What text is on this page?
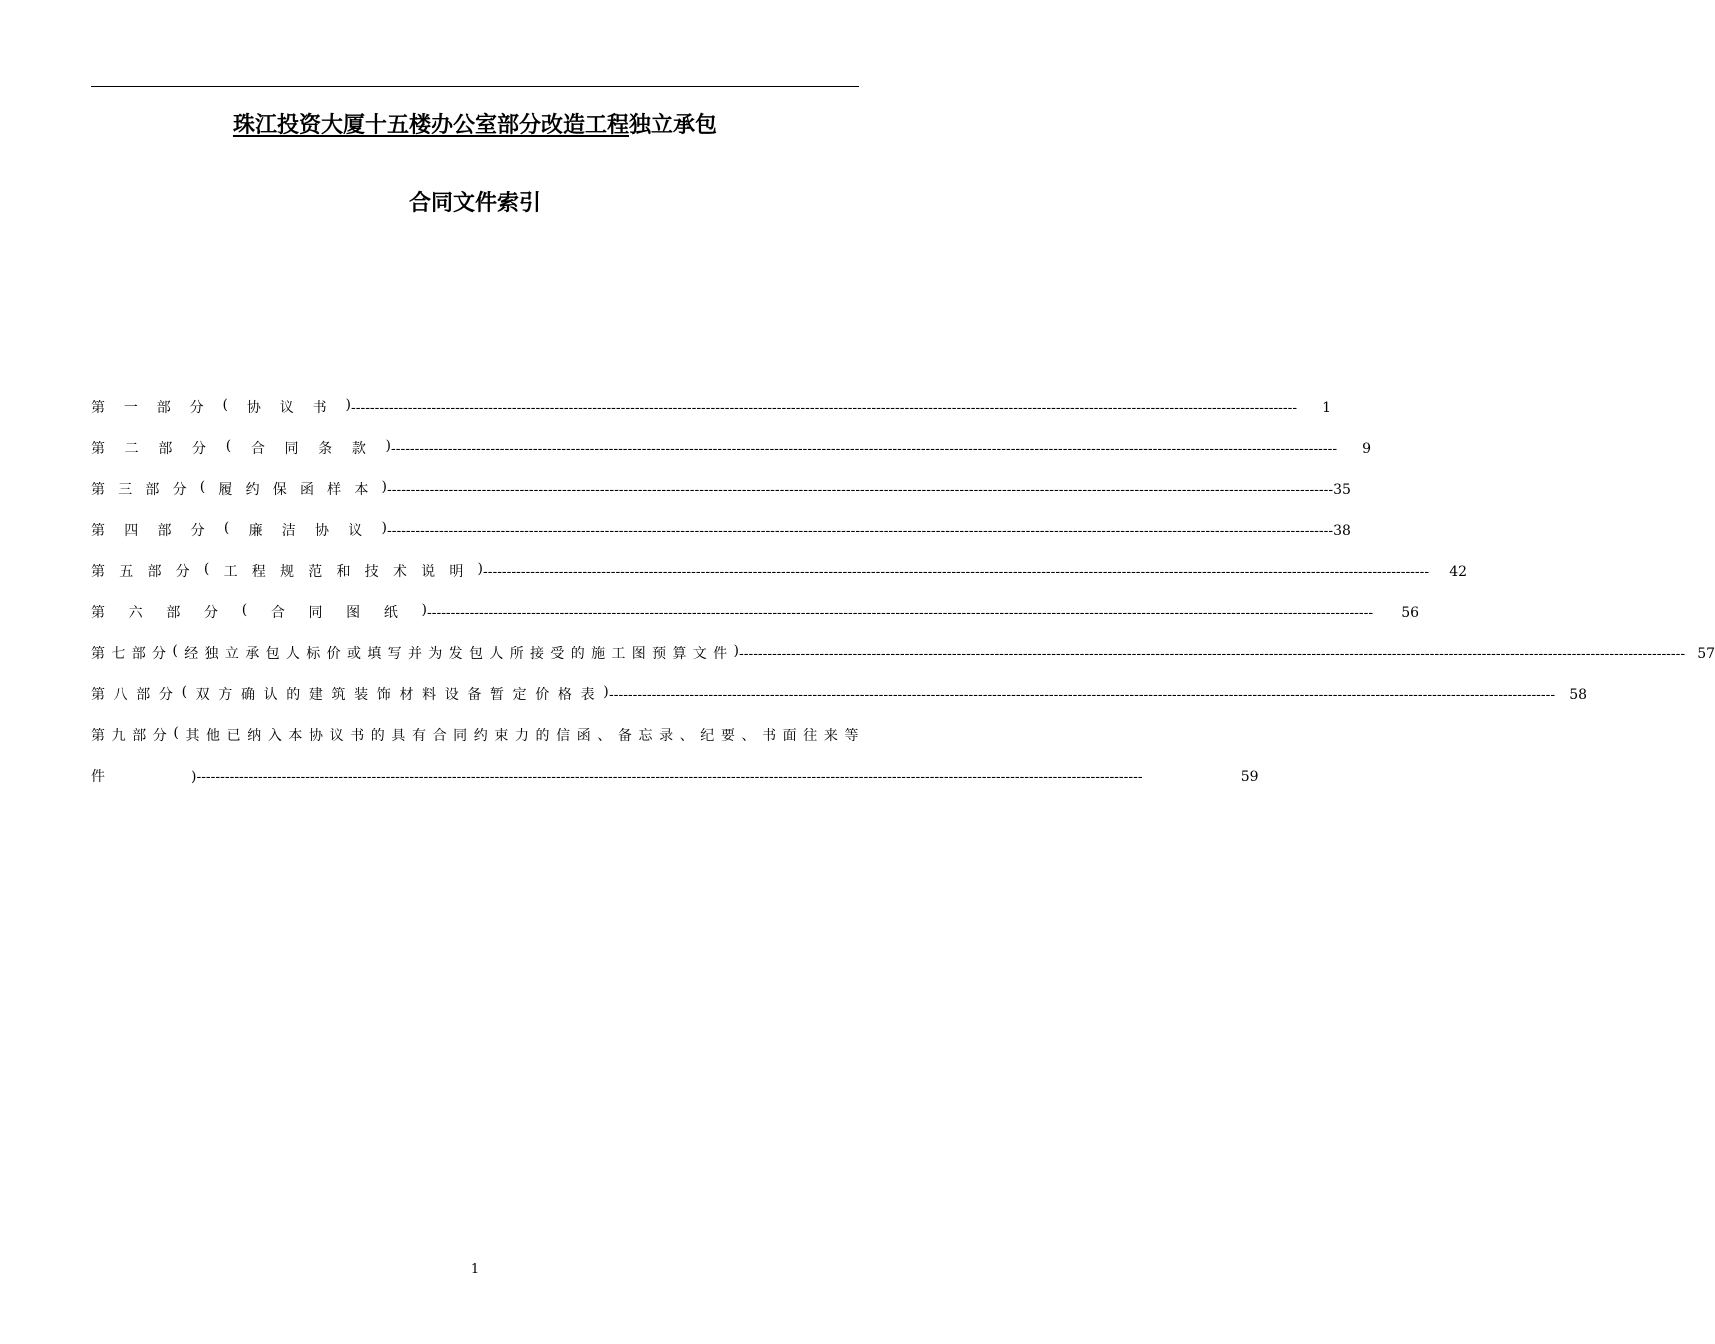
珠江投资大厦十五楼办公室部分改造工程独立承包
合同文件索引
第 一 部 分 ( 协 议 书 ) --------------------------------------------------------------------------------------------------------------------------------------------------------------------------------------------------------	1
第 二 部 分 ( 合 同 条 款 ) --------------------------------------------------------------------------------------------------------------------------------------------------------------------------------------------------------	9
第 三 部 分 ( 履 约 保 函 样 本 ) -------------------------------------------------------------------------------------------------------------------------------------------------------------------------------------------------------- 35
第 四 部 分 ( 廉 洁 协 议 ) -------------------------------------------------------------------------------------------------------------------------------------------------------------------------------------------------------- 38
第 五 部 分 ( 工 程 规 范 和 技 术 说 明 ) --------------------------------------------------------------------------------------------------------------------------------------------------------------------------------------------------------	42
第 六 部 分 ( 合 同 图 纸 ) --------------------------------------------------------------------------------------------------------------------------------------------------------------------------------------------------------	56
第 七 部 分 ( 经 独 立 承 包 人 标 价 或 填 写 并 为 发 包 人 所 接 受 的 施 工 图 预 算 文 件 ) -------------------------------------------------------------------------------------------------------------------------------------------------------------------------------------------------------- 57
第 八 部 分 ( 双 方 确 认 的 建 筑 装 饰 材 料 设 备 暂 定 价 格 表 ) --------------------------------------------------------------------------------------------------------------------------------------------------------------------------------------------------------	58
第 九 部 分 ( 其 他 已 纳 入 本 协 议 书 的 具 有 合 同 约 束 力 的 信 函 、 备 忘 录 、 纪 要 、 书 面 往 来 等
件	) --------------------------------------------------------------------------------------------------------------------------------------------------------------------------------------------------------	59
1
